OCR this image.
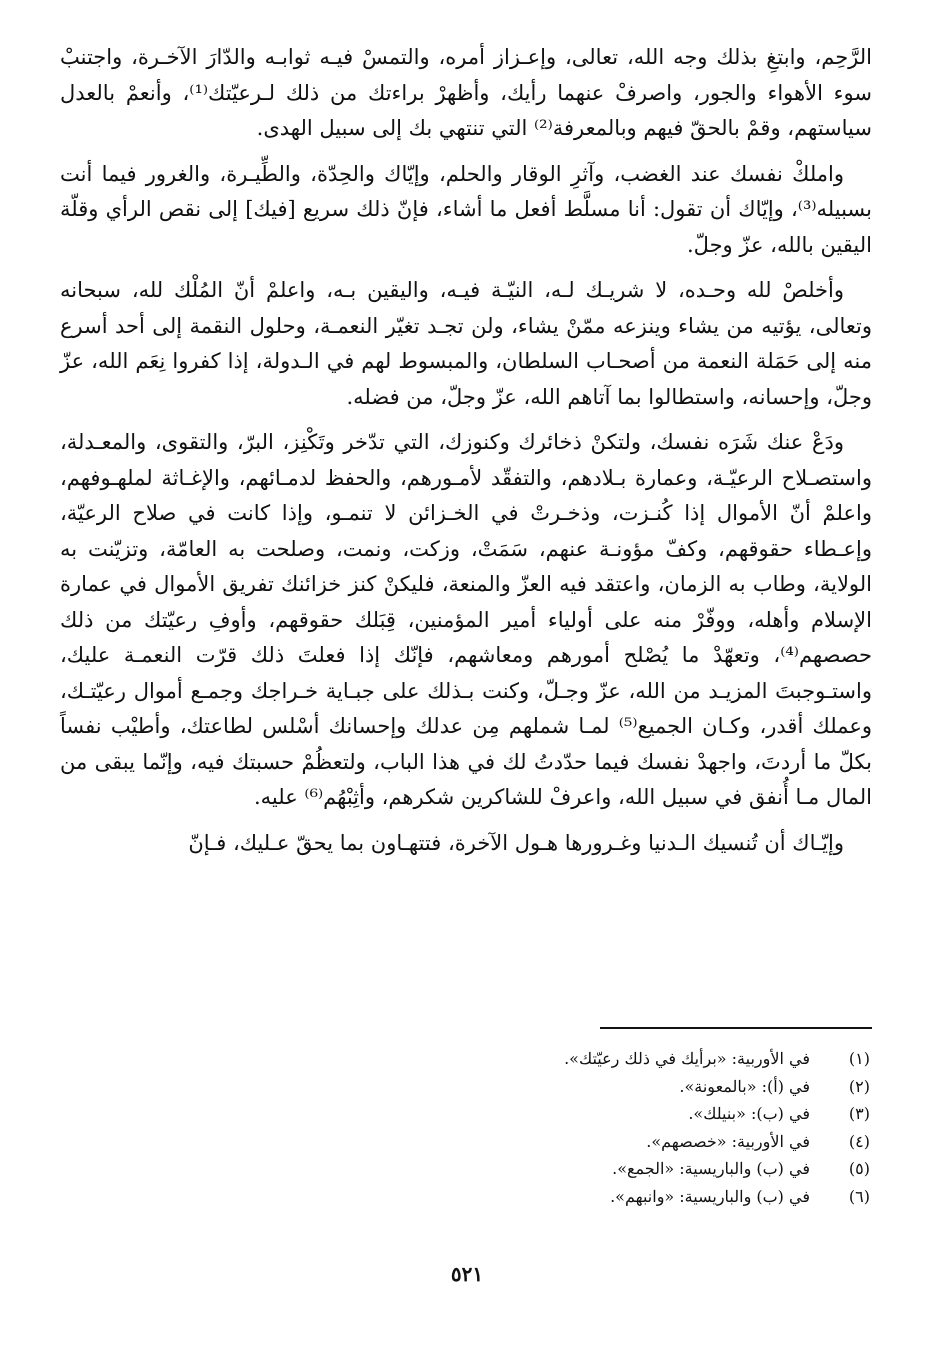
الرَّحِم، وابتغِ بذلك وجه الله، تعالى، وإعـزاز أمره، والتمسْ فيـه ثوابـه والدّارَ الآخـرة، واجتنبْ سوء الأهواء والجور، واصرفْ عنهما رأيك، وأظهرْ براءتك من ذلك لـرعيّتك⁽¹⁾، وأنعمْ بالعدل سياستهم، وقمْ بالحقّ فيهم وبالمعرفة⁽²⁾ التي تنتهي بك إلى سبيل الهدى.

واملكْ نفسك عند الغضب، وآثرِ الوقار والحلم، وإيّاك والحِدّة، والطِّيـرة، والغرور فيما أنت بسبيله⁽³⁾، وإيّاك أن تقول: أنا مسلَّط أفعل ما أشاء، فإنّ ذلك سريع [فيك] إلى نقص الرأي وقلّة اليقين بالله، عزّ وجلّ.

وأخلصْ لله وحـده، لا شريـك لـه، النيّـة فيـه، واليقين بـه، واعلمْ أنّ المُلْك لله، سبحانه وتعالى، يؤتيه من يشاء وينزعه ممّنْ يشاء، ولن تجـد تغيّر النعمـة، وحلول النقمة إلى أحد أسرع منه إلى حَمَلة النعمة من أصحـاب السلطان، والمبسوط لهم في الـدولة، إذا كفروا نِعَم الله، عزّ وجلّ، وإحسانه، واستطالوا بما آتاهم الله، عزّ وجلّ، من فضله.

ودَعْ عنك شَرَه نفسك، ولتكنْ ذخائرك وكنوزك، التي تدّخر وتَكْنِز، البرّ، والتقوى، والمعـدلة، واستصـلاح الرعيّـة، وعمارة بـلادهم، والتفقّد لأمـورهم، والحفظ لدمـائهم، والإغـاثة لملهـوفهم، واعلمْ أنّ الأموال إذا كُنـزت، وذخـرتْ في الخـزائن لا تنمـو، وإذا كانت في صلاح الرعيّة، وإعـطاء حقوقهم، وكفّ مؤونـة عنهم، سَمَتْ، وزكت، ونمت، وصلحت به العامّة، وتزيّنت به الولاية، وطاب به الزمان، واعتقد فيه العزّ والمنعة، فليكنْ كنز خزائنك تفريق الأموال في عمارة الإسلام وأهله، ووفّرْ منه على أولياء أمير المؤمنين، قِبَلك حقوقهم، وأوفِ رعيّتك من ذلك حصصهم⁽⁴⁾، وتعهّدْ ما يُصْلح أمورهم ومعاشهم، فإنّك إذا فعلتَ ذلك قرّت النعمـة عليك، واستـوجبتَ المزيـد من الله، عزّ وجـلّ، وكنت بـذلك على جبـاية خـراجك وجمـع أموال رعيّتـك، وعملك أقدر، وكـان الجميع⁽⁵⁾ لمـا شملهم مِن عدلك وإحسانك أسْلس لطاعتك، وأطيْب نفساً بكلّ ما أردتَ، واجهدْ نفسك فيما حدّدتُ لك في هذا الباب، ولتعظُمْ حسبتك فيه، وإنّما يبقى من المال مـا أُنفق في سبيل الله، واعرفْ للشاكرين شكرهم، وأثِبْهُم⁽⁶⁾ عليه.

وإيّـاك أن تُنسيك الـدنيا وغـرورها هـول الآخرة، فتتهـاون بما يحقّ عـليك، فـإنّ

(١)
في الأوربية: «برأيك في ذلك رعيّتك».
(٢)
في (أ): «بالمعونة».
(٣)
في (ب): «بنيلك».
(٤)
في الأوربية: «خصصهم».
(٥)
في (ب) والباريسية: «الجمع».
(٦)
في (ب) والباريسية: «وانبهم».
٥٢١
